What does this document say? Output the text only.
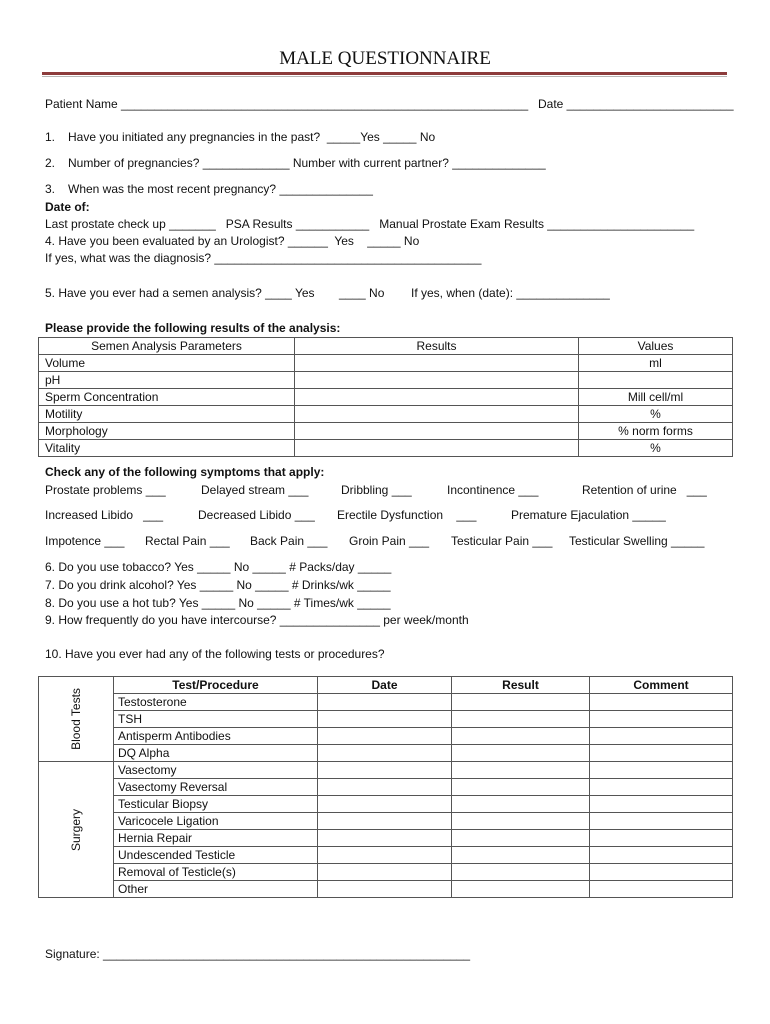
MALE QUESTIONNAIRE
Patient Name _____________________________________________________________ Date _________________________
1. Have you initiated any pregnancies in the past?  _____Yes _____ No
2. Number of pregnancies? _____________ Number with current partner? ______________
3. When was the most recent pregnancy? ______________
Date of:
Last prostate check up _______   PSA Results ___________   Manual Prostate Exam Results ______________________
4. Have you been evaluated by an Urologist? ______  Yes    _____ No
If yes, what was the diagnosis? ________________________________________
5. Have you ever had a semen analysis? ____ Yes ____ No If yes, when (date): ______________
Please provide the following results of the analysis:
Semen Analysis Parameters	Results	Values
Volume		ml
pH		
Sperm Concentration		Mill cell/ml
Motility		%
Morphology		% norm forms
Vitality		%
Check any of the following symptoms that apply:
Prostate problems ___	Delayed stream ___	Dribbling ___	Incontinence ___	Retention of urine   ___
Increased Libido   ___	Decreased Libido ___ Erectile Dysfunction    ___	Premature Ejaculation _____
Impotence ___ Rectal Pain ___ Back Pain ___ Groin Pain ___ Testicular Pain ___ Testicular Swelling _____
6. Do you use tobacco? Yes _____ No _____ # Packs/day _____
7. Do you drink alcohol? Yes _____ No _____ # Drinks/wk _____
8. Do you use a hot tub? Yes _____ No _____ # Times/wk _____
9. How frequently do you have intercourse? _______________ per week/month
10. Have you ever had any of the following tests or procedures?
Blood Tests	Test/Procedure	Date	Result	Comment
	Testosterone			
	TSH			
	Antisperm Antibodies			
	DQ Alpha			

Surgery	Vasectomy			
	Vasectomy Reversal			
	Testicular Biopsy			
	Varicocele Ligation			
	Hernia Repair			
	Undescended Testicle			
	Removal of Testicle(s)			
	Other			
Signature: _______________________________________________________
